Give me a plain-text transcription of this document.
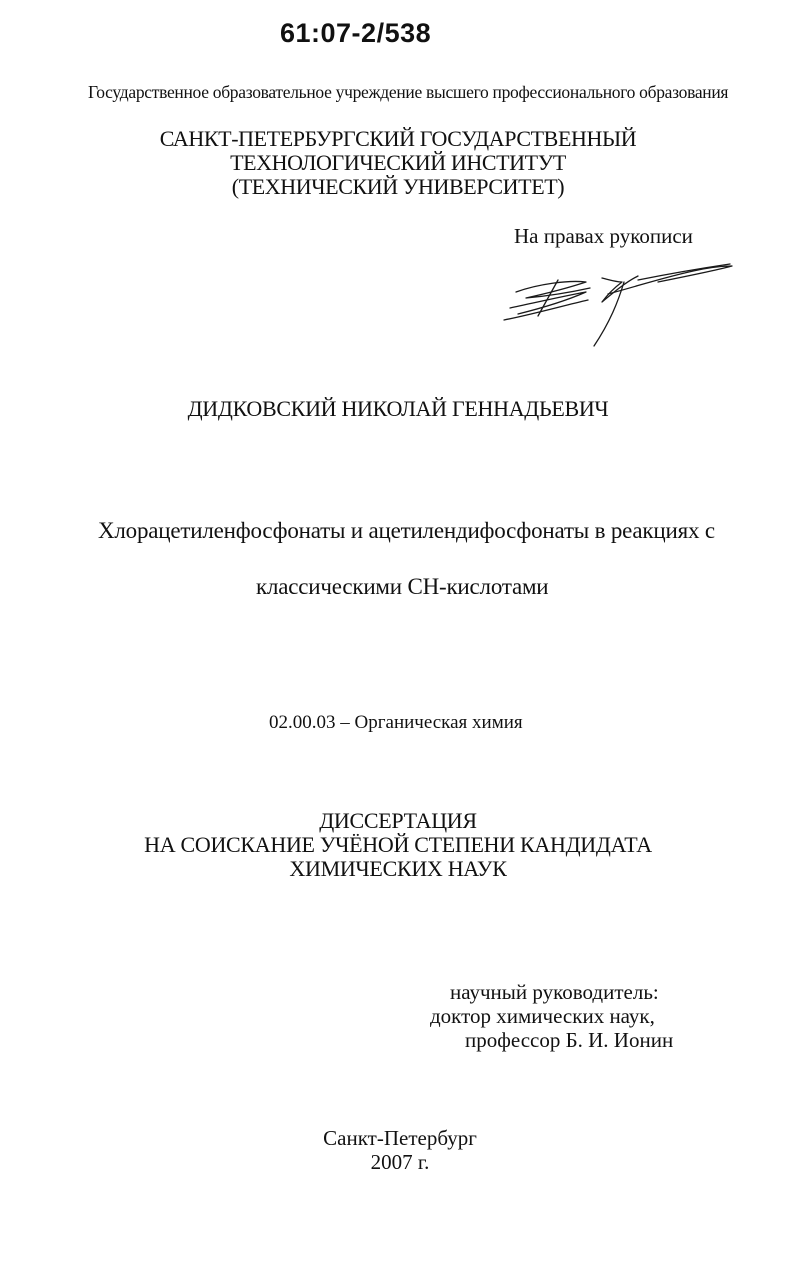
61:07-2/538
Государственное образовательное учреждение высшего профессионального образования
САНКТ-ПЕТЕРБУРГСКИЙ ГОСУДАРСТВЕННЫЙ
ТЕХНОЛОГИЧЕСКИЙ ИНСТИТУТ
(ТЕХНИЧЕСКИЙ УНИВЕРСИТЕТ)
На правах рукописи
ДИДКОВСКИЙ НИКОЛАЙ ГЕННАДЬЕВИЧ
Хлорацетиленфосфонаты и ацетилендифосфонаты в реакциях с
классическими СН-кислотами
02.00.03 – Органическая химия
ДИССЕРТАЦИЯ
НА СОИСКАНИЕ УЧЁНОЙ СТЕПЕНИ КАНДИДАТА
ХИМИЧЕСКИХ НАУК
научный руководитель:
доктор химических наук,
профессор Б. И. Ионин
Санкт-Петербург
2007 г.
